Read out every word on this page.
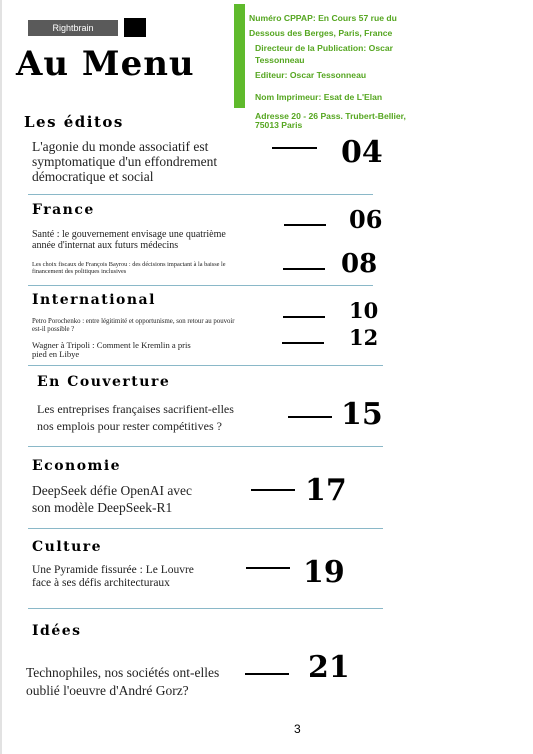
Rightbrain
Au Menu
Numéro CPPAP: En Cours 57 rue du
Dessous des Berges, Paris, France
Directeur de la Publication: Oscar
Tessonneau
Editeur: Oscar Tessonneau
Nom Imprimeur: Esat de L'Elan
Adresse 20 - 26 Pass. Trubert-Bellier,
75013 Paris
Les éditos
L'agonie du monde associatif est
symptomatique d'un effondrement
démocratique et social
04
France
Santé : le gouvernement envisage une quatrième
année d'internat aux futurs médecins
06
Les choix fiscaux de François Bayrou : des décisions impactant à la baisse le
financement des politiques inclusives	08
International
Petro Porochenko : entre légitimité et opportunisme, son retour au pouvoir
est-il possible ?
10
Wagner à Tripoli : Comment le Kremlin a pris
pied en Libye
12
En Couverture
Les entreprises françaises sacrifient-elles
nos emplois pour rester compétitives ?	15
Economie
DeepSeek défie OpenAI avec
son modèle DeepSeek-R1	17
Culture
Une Pyramide fissurée : Le Louvre
face à ses défis architecturaux	19
Idées
Technophiles, nos sociétés ont-elles
oublié l'oeuvre d'André Gorz?
21
3
